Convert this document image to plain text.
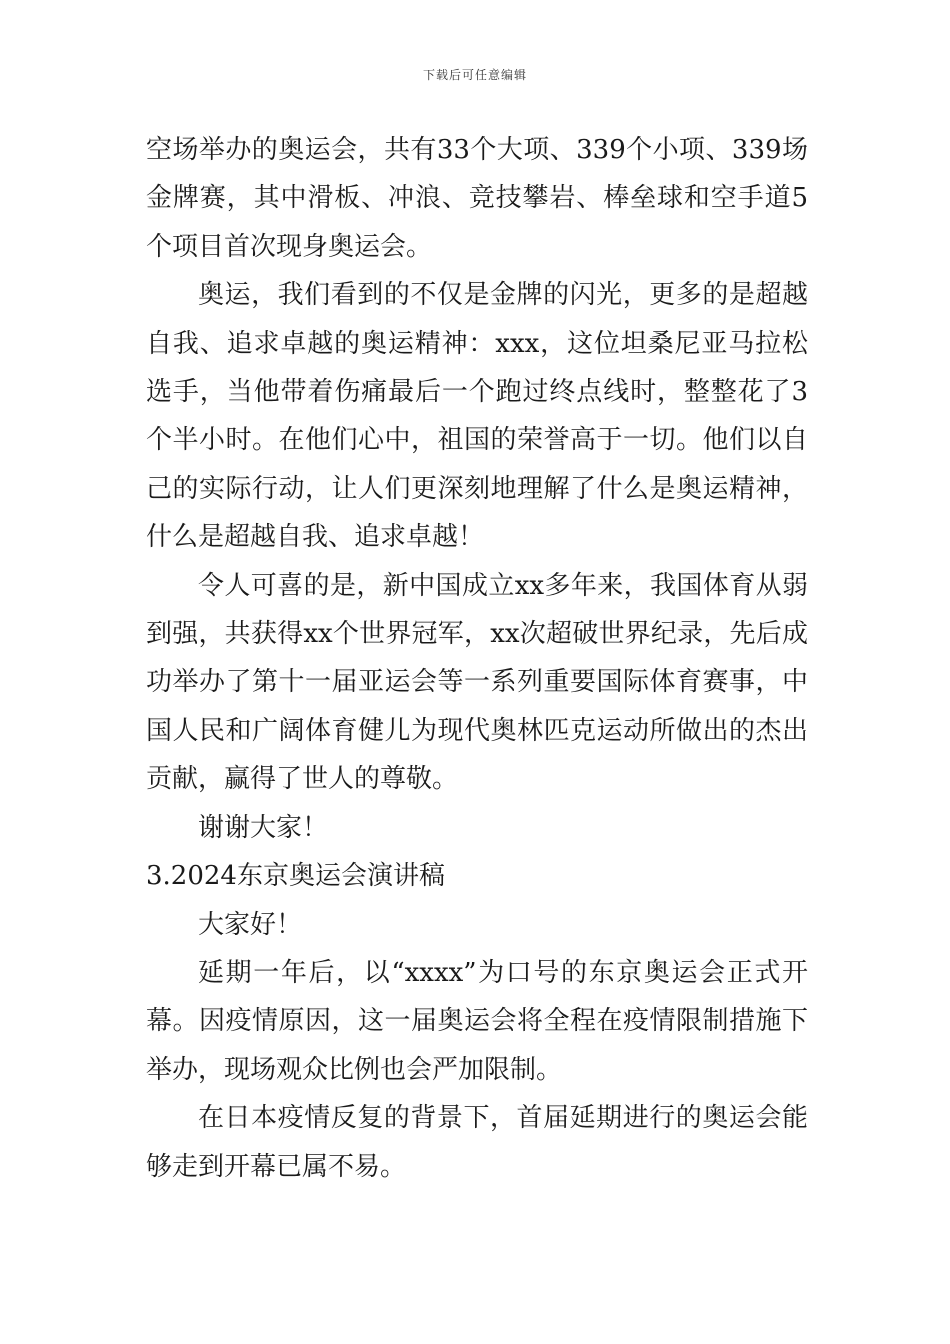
下载后可任意编辑

空场举办的奥运会，共有33个大项、339个小项、339场金牌赛，其中滑板、冲浪、竞技攀岩、棒垒球和空手道5个项目首次现身奥运会。

奥运，我们看到的不仅是金牌的闪光，更多的是超越自我、追求卓越的奥运精神：xxx，这位坦桑尼亚马拉松选手，当他带着伤痛最后一个跑过终点线时，整整花了3个半小时。在他们心中，祖国的荣誉高于一切。他们以自己的实际行动，让人们更深刻地理解了什么是奥运精神，什么是超越自我、追求卓越！

令人可喜的是，新中国成立xx多年来，我国体育从弱到强，共获得xx个世界冠军，xx次超破世界纪录，先后成功举办了第十一届亚运会等一系列重要国际体育赛事，中国人民和广阔体育健儿为现代奥林匹克运动所做出的杰出贡献，赢得了世人的尊敬。

谢谢大家！

3.2024东京奥运会演讲稿

大家好！

延期一年后，以“xxxx”为口号的东京奥运会正式开幕。因疫情原因，这一届奥运会将全程在疫情限制措施下举办，现场观众比例也会严加限制。

在日本疫情反复的背景下，首届延期进行的奥运会能够走到开幕已属不易。
